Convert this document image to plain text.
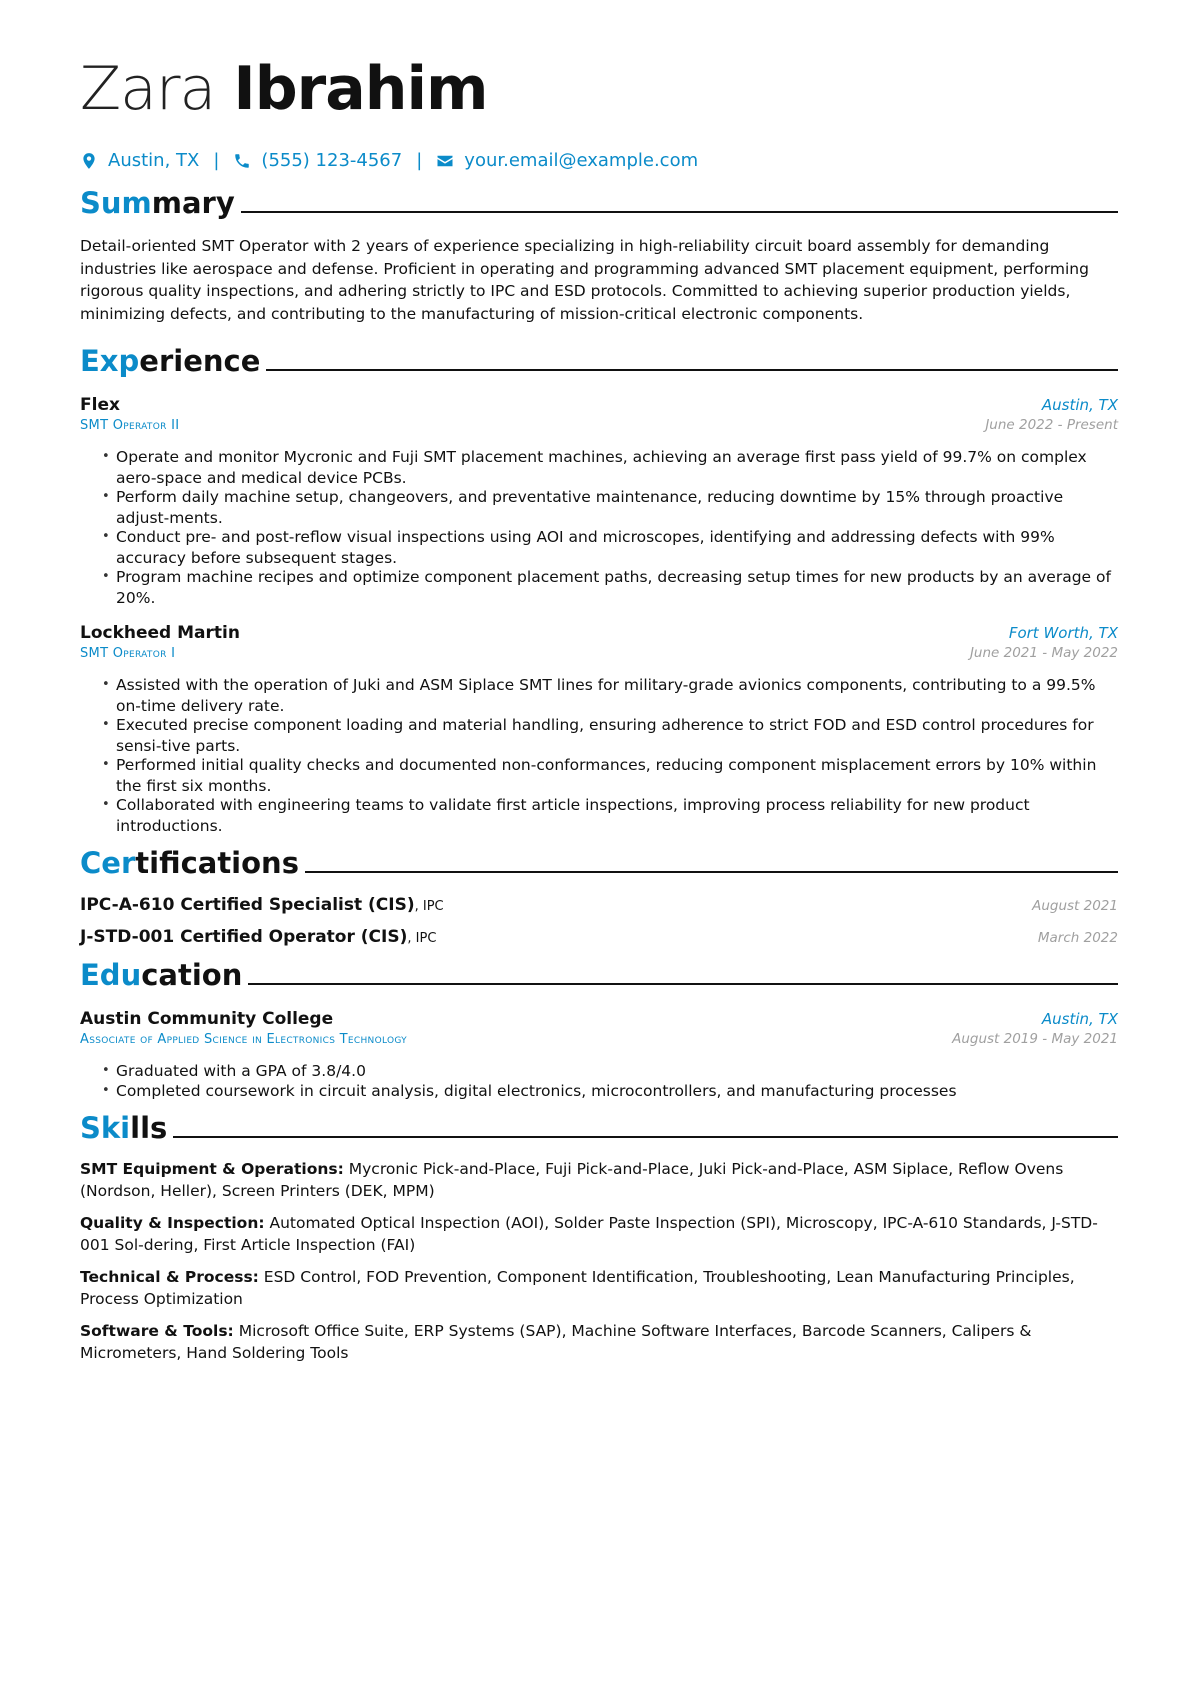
Zara Ibrahim
Austin, TX | (555) 123-4567 | your.email@example.com
Summary
Detail-oriented SMT Operator with 2 years of experience specializing in high-reliability circuit board assembly for demanding industries like aerospace and defense. Proficient in operating and programming advanced SMT placement equipment, performing rigorous quality inspections, and adhering strictly to IPC and ESD protocols. Committed to achieving superior production yields, minimizing defects, and contributing to the manufacturing of mission-critical electronic components.
Experience
Flex	Austin, TX
SMT Operator II	June 2022 - Present
• Operate and monitor Mycronic and Fuji SMT placement machines, achieving an average first pass yield of 99.7% on complex aero-space and medical device PCBs.
• Perform daily machine setup, changeovers, and preventative maintenance, reducing downtime by 15% through proactive adjust-ments.
• Conduct pre- and post-reflow visual inspections using AOI and microscopes, identifying and addressing defects with 99% accuracy before subsequent stages.
• Program machine recipes and optimize component placement paths, decreasing setup times for new products by an average of 20%.
Lockheed Martin	Fort Worth, TX
SMT Operator I	June 2021 - May 2022
• Assisted with the operation of Juki and ASM Siplace SMT lines for military-grade avionics components, contributing to a 99.5% on-time delivery rate.
• Executed precise component loading and material handling, ensuring adherence to strict FOD and ESD control procedures for sensi-tive parts.
• Performed initial quality checks and documented non-conformances, reducing component misplacement errors by 10% within the first six months.
• Collaborated with engineering teams to validate first article inspections, improving process reliability for new product introductions.
Certifications
IPC-A-610 Certified Specialist (CIS), IPC	August 2021
J-STD-001 Certified Operator (CIS), IPC	March 2022
Education
Austin Community College	Austin, TX
Associate of Applied Science in Electronics Technology	August 2019 - May 2021
• Graduated with a GPA of 3.8/4.0
• Completed coursework in circuit analysis, digital electronics, microcontrollers, and manufacturing processes
Skills
SMT Equipment & Operations: Mycronic Pick-and-Place, Fuji Pick-and-Place, Juki Pick-and-Place, ASM Siplace, Reflow Ovens (Nordson, Heller), Screen Printers (DEK, MPM)
Quality & Inspection: Automated Optical Inspection (AOI), Solder Paste Inspection (SPI), Microscopy, IPC-A-610 Standards, J-STD-001 Sol-dering, First Article Inspection (FAI)
Technical & Process: ESD Control, FOD Prevention, Component Identification, Troubleshooting, Lean Manufacturing Principles, Process Optimization
Software & Tools: Microsoft Office Suite, ERP Systems (SAP), Machine Software Interfaces, Barcode Scanners, Calipers & Micrometers, Hand Soldering Tools
